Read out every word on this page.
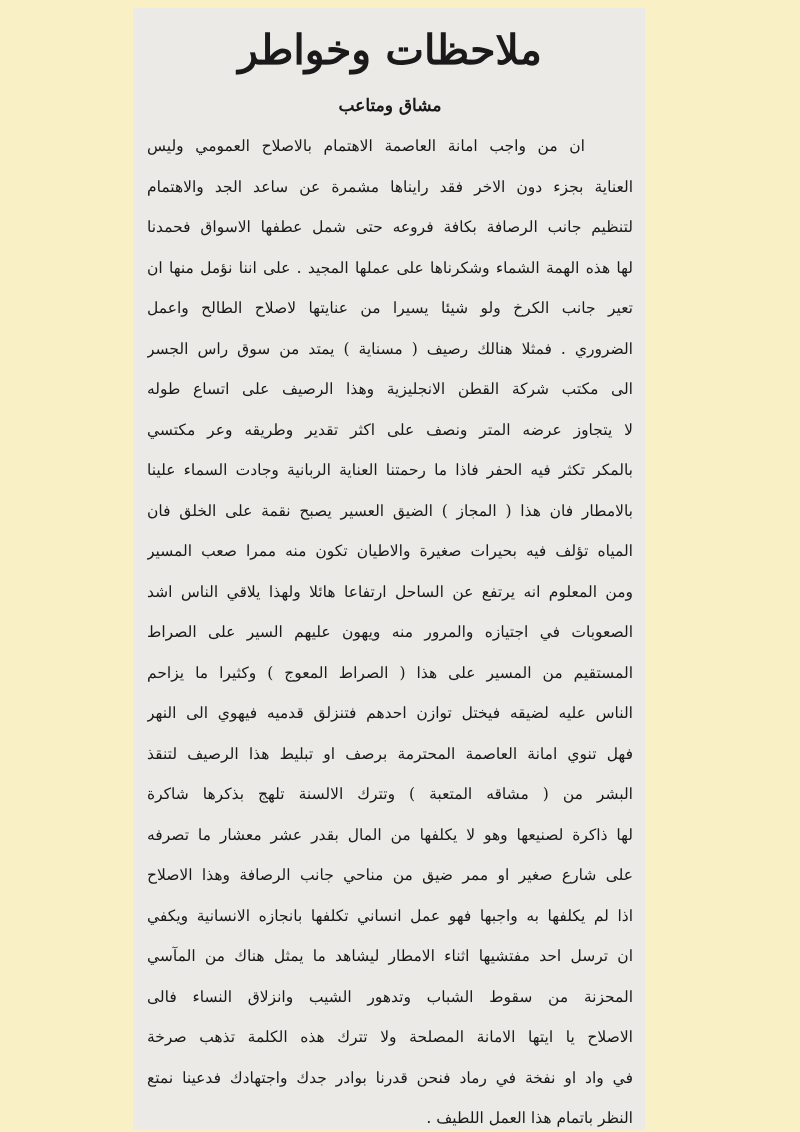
ملاحظات وخواطر
مشاق ومتاعب
ان من واجب امانة العاصمة الاهتمام بالاصلاح العمومي وليس
العناية بجزء دون الاخر فقد رايناها مشمرة عن ساعد الجد والاهتمام
لتنظيم جانب الرصافة بكافة فروعه حتى شمل عطفها الاسواق فحمدنا
لها هذه الهمة الشماء وشكرناها على عملها المجيد . على اننا نؤمل منها ان
تعير جانب الكرخ ولو شيئا يسيرا من عنايتها لاصلاح الطالح واعمل
الضروري . فمثلا هنالك رصيف ( مسناية ) يمتد من سوق راس الجسر
الى مكتب شركة القطن الانجليزية وهذا الرصيف على اتساع طوله
لا يتجاوز عرضه المتر ونصف على اكثر تقدير وطريقه وعر مكتسي
بالمكر تكثر فيه الحفر فاذا ما رحمتنا العناية الربانية وجادت السماء علينا
بالامطار فان هذا ( المجاز ) الضيق العسير يصبح نقمة على الخلق فان
المياه تؤلف فيه بحيرات صغيرة والاطيان تكون منه ممرا صعب المسير
ومن المعلوم انه يرتفع عن الساحل ارتفاعا هائلا ولهذا يلاقي الناس اشد
الصعوبات في اجتيازه والمرور منه ويهون عليهم السير على الصراط
المستقيم من المسير على هذا ( الصراط المعوج ) وكثيرا ما يزاحم
الناس عليه لضيقه فيختل توازن احدهم فتنزلق قدميه فيهوي الى النهر
فهل تنوي امانة العاصمة المحترمة برصف او تبليط هذا الرصيف لتنقذ
البشر من ( مشاقه المتعبة ) وتترك الالسنة تلهج بذكرها شاكرة
لها ذاكرة لصنيعها وهو لا يكلفها من المال بقدر عشر معشار ما تصرفه
على شارع صغير او ممر ضيق من مناحي جانب الرصافة وهذا الاصلاح
اذا لم يكلفها به واجبها فهو عمل انساني تكلفها بانجازه الانسانية ويكفي
ان ترسل احد مفتشيها اثناء الامطار ليشاهد ما يمثل هناك من المآسي
المحزنة من سقوط الشباب وتدهور الشيب وانزلاق النساء فالى
الاصلاح يا ايتها الامانة المصلحة ولا تترك هذه الكلمة تذهب صرخة
في واد او نفخة في رماد فنحن قدرنا بوادر جدك واجتهادك فدعينا نمتع
النظر باتمام هذا العمل اللطيف .
